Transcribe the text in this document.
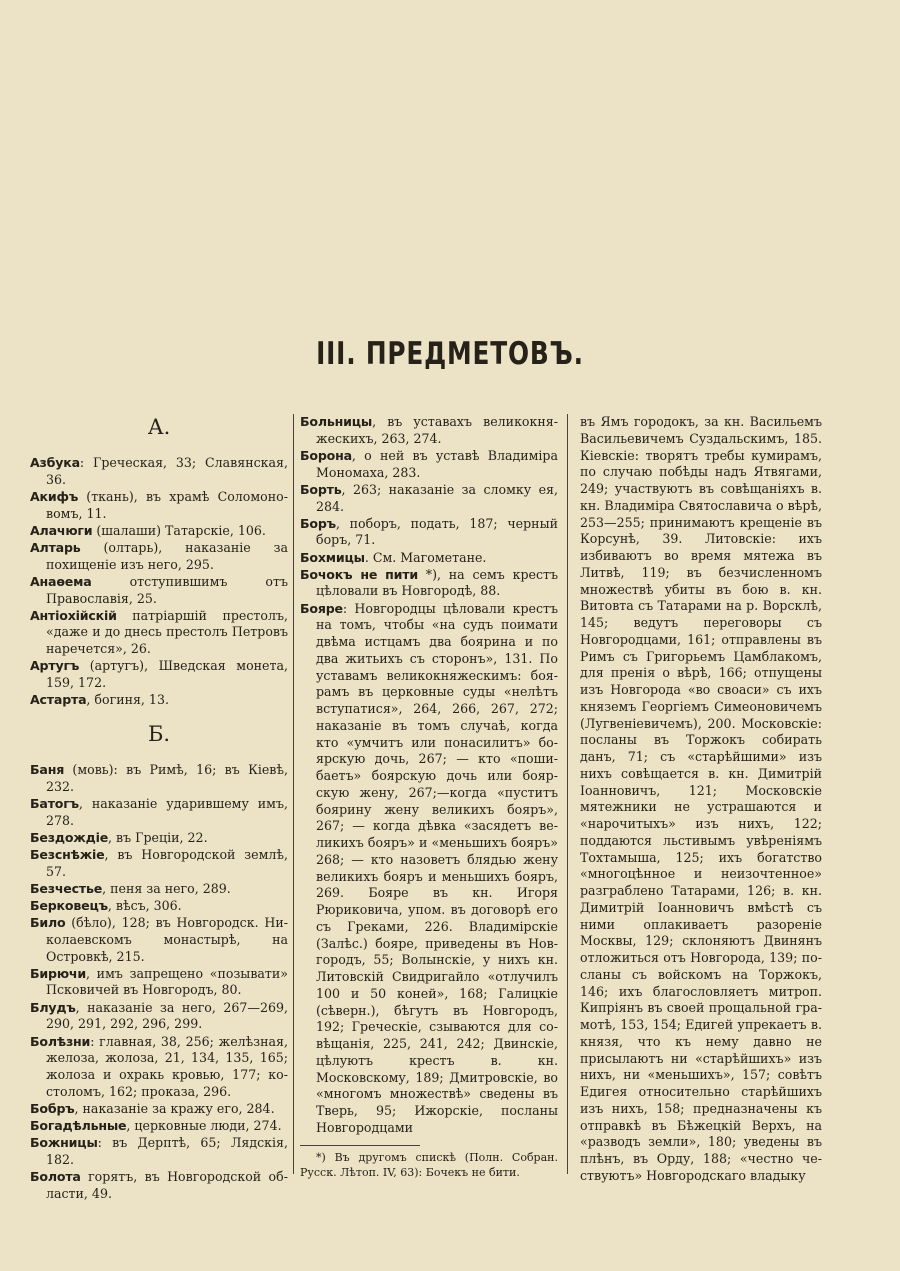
III. ПРЕДМЕТОВЪ.
А.

Азбука: Греческая, 33; Славянская, 36.

Акифъ (ткань), въ храмѣ Соломоновомъ, 11.

Алачюги (шалаши) Татарскіе, 106.

Алтарь (олтарь), наказаніе за похищеніе изъ него, 295.

Анаѳема отступившимъ отъ Православія, 25.

Антіохійскій патріаршій престолъ, «даже и до днесь престолъ Петровъ наречется», 26.

Артугъ (артугъ), Шведская монета, 159, 172.

Астарта, богиня, 13.

Б.

Баня (мовь): въ Римѣ, 16; въ Кіевѣ, 232.

Батогъ, наказаніе ударившему имъ, 278.

Бездождіе, въ Греціи, 22.

Безснѣжіе, въ Новгородской землѣ, 57.

Безчестье, пеня за него, 289.

Берковецъ, вѣсъ, 306.

Било (бѣло), 128; въ Новгородск. Николаевскомъ монастырѣ, на Островкѣ, 215.

Бирючи, имъ запрещено «позывати» Псковичей въ Новгородъ, 80.

Блудъ, наказаніе за него, 267—269, 290, 291, 292, 296, 299.

Болѣзни: главная, 38, 256; желѣзная, желоза, жолоза, 21, 134, 135, 165; жолоза и охракь кровью, 177; костоломъ, 162; проказа, 296.

Бобръ, наказаніе за кражу его, 284.

Богадѣльные, церковные люди, 274.

Божницы: въ Дерптѣ, 65; Лядскія, 182.

Болота горятъ, въ Новгородской области, 49.

Больницы, въ уставахъ великокняжескихъ, 263, 274.

Борона, о ней въ уставѣ Владиміра Мономаха, 283.

Борть, 263; наказаніе за сломку ея, 284.

Боръ, поборъ, подать, 187; черный боръ, 71.

Бохмицы. См. Магометане.

Бочокъ не пити *), на семъ крестъ цѣловали въ Новгородѣ, 88.

Бояре: Новгородцы цѣловали крестъ на томъ, чтобы «на судъ поимати двѣма истцамъ два боярина и по два житьихъ съ сторонъ», 131. По уставамъ великокняжескимъ: боярамъ въ церковные суды «нелѣтъ вступатися», 264, 266, 267, 272; наказаніе въ томъ случаѣ, когда кто «умчитъ или понасилитъ» боярскую дочь, 267; — кто «пошибаетъ» боярскую дочь или боярскую жену, 267;—когда «пуститъ боярину жену великихъ бояръ», 267; — когда дѣвка «засядетъ великихъ бояръ» и «меньшихъ бояръ» 268; — кто назоветъ блядью жену великихъ бояръ и меньшихъ бояръ, 269. Бояре въ кн. Игоря Рюриковича, упом. въ договорѣ его съ Греками, 226. Владимірскіе (Залѣс.) бояре, приведены въ Новгородъ, 55; Волынскіе, у нихъ кн. Литовскій Свидригайло «отлучилъ 100 и 50 коней», 168; Галицкіе (сѣверн.), бѣгутъ въ Новгородъ, 192; Греческіе, сзываются для совѣщанія, 225, 241, 242; Двинскіе, цѣлуютъ крестъ в. кн. Московскому, 189; Дмитровскіе, во «многомъ множествѣ» сведены въ Тверь, 95; Ижорскіе, посланы Новгородцами

*) Въ другомъ спискѣ (Полн. Собран. Русск. Лѣтоп. IV, 63): Бочекъ не бити.

въ Ямъ городокъ, за кн. Васильемъ Васильевичемъ Суздальскимъ, 185. Кіевскіе: творятъ требы кумирамъ, по случаю побѣды надъ Ятвягами, 249; участвуютъ въ совѣщаніяхъ в. кн. Владиміра Святославича о вѣрѣ, 253—255; принимаютъ крещеніе въ Корсунѣ, 39. Литовскіе: ихъ избиваютъ во время мятежа въ Литвѣ, 119; въ безчисленномъ множествѣ убиты въ бою в. кн. Витовта съ Татарами на р. Ворсклѣ, 145; ведутъ переговоры съ Новгородцами, 161; отправлены въ Римъ съ Григорьемъ Цамблакомъ, для пренія о вѣрѣ, 166; отпущены изъ Новгорода «во своаси» съ ихъ княземъ Георгіемъ Симеоновичемъ (Лугвеніевичемъ), 200. Московскіе: посланы въ Торжокъ собирать данъ, 71; съ «старѣйшими» изъ нихъ совѣщается в. кн. Димитрій Іоанновичъ, 121; Московскіе мятежники не устрашаются и «нарочитыхъ» изъ нихъ, 122; поддаются льстивымъ увѣреніямъ Тохтамыша, 125; ихъ богатство «многоцѣнное и неизочтенное» разграблено Татарами, 126; в. кн. Димитрій Іоанновичъ вмѣстѣ съ ними оплакиваетъ разореніе Москвы, 129; склоняютъ Двинянъ отложиться отъ Новгорода, 139; посланы съ войскомъ на Торжокъ, 146; ихъ благословляетъ митроп. Кипріянъ въ своей прощальной грамотѣ, 153, 154; Едигей упрекаетъ в. князя, что къ нему давно не присылаютъ ни «старѣйшихъ» изъ нихъ, ни «меньшихъ», 157; совѣтъ Едигея относительно старѣйшихъ изъ нихъ, 158; предназначены къ отправкѣ въ Бѣжецкій Верхъ, на «разводъ земли», 180; уведены въ плѣнъ, въ Орду, 188; «честно чествуютъ» Новгородскаго владыку
